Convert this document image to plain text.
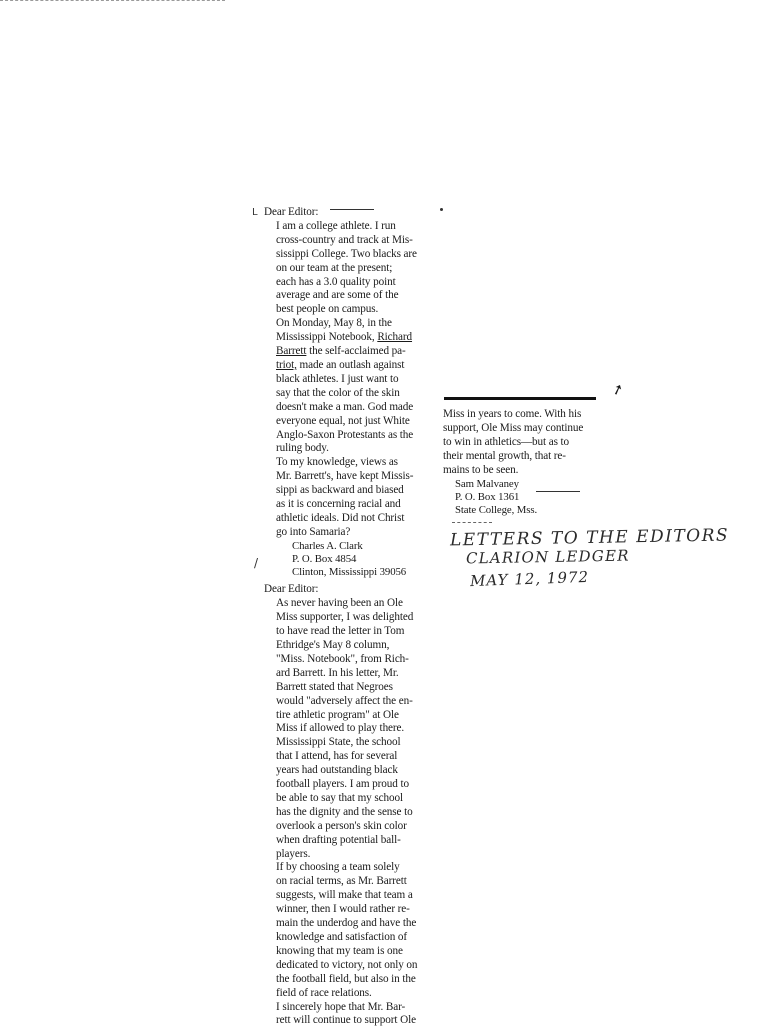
L
/

Dear Editor:

I am a college athlete. I run
cross-country and track at Mis-
sissippi College. Two blacks are
on our team at the present;
each has a 3.0 quality point
average and are some of the
best people on campus.

On Monday, May 8, in the
Mississippi Notebook, Richard
Barrett the self-acclaimed pa-
triot, made an outlash against
black athletes. I just want to
say that the color of the skin
doesn't make a man. God made
everyone equal, not just White
Anglo-Saxon Protestants as the
ruling body.

To my knowledge, views as
Mr. Barrett's, have kept Missis-
sippi as backward and biased
as it is concerning racial and
athletic ideals. Did not Christ
go into Samaria?

Charles A. Clark
P. O. Box 4854
Clinton, Mississippi 39056

Dear Editor:

As never having been an Ole
Miss supporter, I was delighted
to have read the letter in Tom
Ethridge's May 8 column,
"Miss. Notebook", from Rich-
ard Barrett. In his letter, Mr.
Barrett stated that Negroes
would "adversely affect the en-
tire athletic program" at Ole
Miss if allowed to play there.

Mississippi State, the school
that I attend, has for several
years had outstanding black
football players. I am proud to
be able to say that my school
has the dignity and the sense to
overlook a person's skin color
when drafting potential ball-
players.

If by choosing a team solely
on racial terms, as Mr. Barrett
suggests, will make that team a
winner, then I would rather re-
main the underdog and have the
knowledge and satisfaction of
knowing that my team is one
dedicated to victory, not only on
the football field, but also in the
field of race relations.

I sincerely hope that Mr. Bar-
rett will continue to support Ole

➚

Miss in years to come. With his
support, Ole Miss may continue
to win in athletics—but as to
their mental growth, that re-
mains to be seen.

Sam Malvaney
P. O. Box 1361
State College, Mss.

LETTERS TO THE EDITORS
CLARION LEDGER
MAY 12, 1972
